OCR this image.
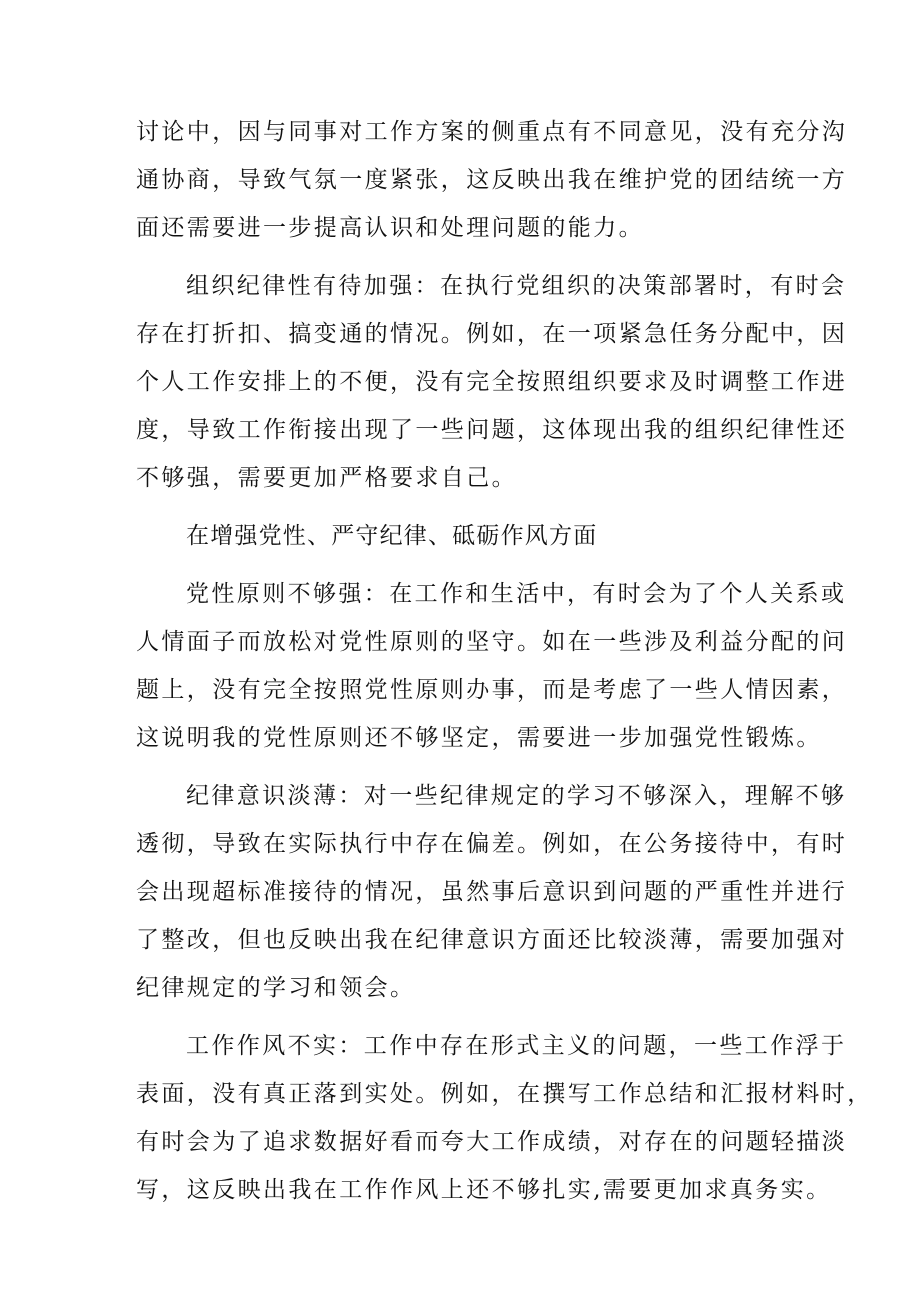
讨论中，因与同事对工作方案的侧重点有不同意见，没有充分沟
通协商，导致气氛一度紧张，这反映出我在维护党的团结统一方
面还需要进一步提高认识和处理问题的能力。
组织纪律性有待加强：在执行党组织的决策部署时，有时会
存在打折扣、搞变通的情况。例如，在一项紧急任务分配中，因
个人工作安排上的不便，没有完全按照组织要求及时调整工作进
度，导致工作衔接出现了一些问题，这体现出我的组织纪律性还
不够强，需要更加严格要求自己。
在增强党性、严守纪律、砥砺作风方面
党性原则不够强：在工作和生活中，有时会为了个人关系或
人情面子而放松对党性原则的坚守。如在一些涉及利益分配的问
题上，没有完全按照党性原则办事，而是考虑了一些人情因素，
这说明我的党性原则还不够坚定，需要进一步加强党性锻炼。
纪律意识淡薄：对一些纪律规定的学习不够深入，理解不够
透彻，导致在实际执行中存在偏差。例如，在公务接待中，有时
会出现超标准接待的情况，虽然事后意识到问题的严重性并进行
了整改，但也反映出我在纪律意识方面还比较淡薄，需要加强对
纪律规定的学习和领会。
工作作风不实：工作中存在形式主义的问题，一些工作浮于
表面，没有真正落到实处。例如，在撰写工作总结和汇报材料时，
有时会为了追求数据好看而夸大工作成绩，对存在的问题轻描淡
写，这反映出我在工作作风上还不够扎实,需要更加求真务实。
